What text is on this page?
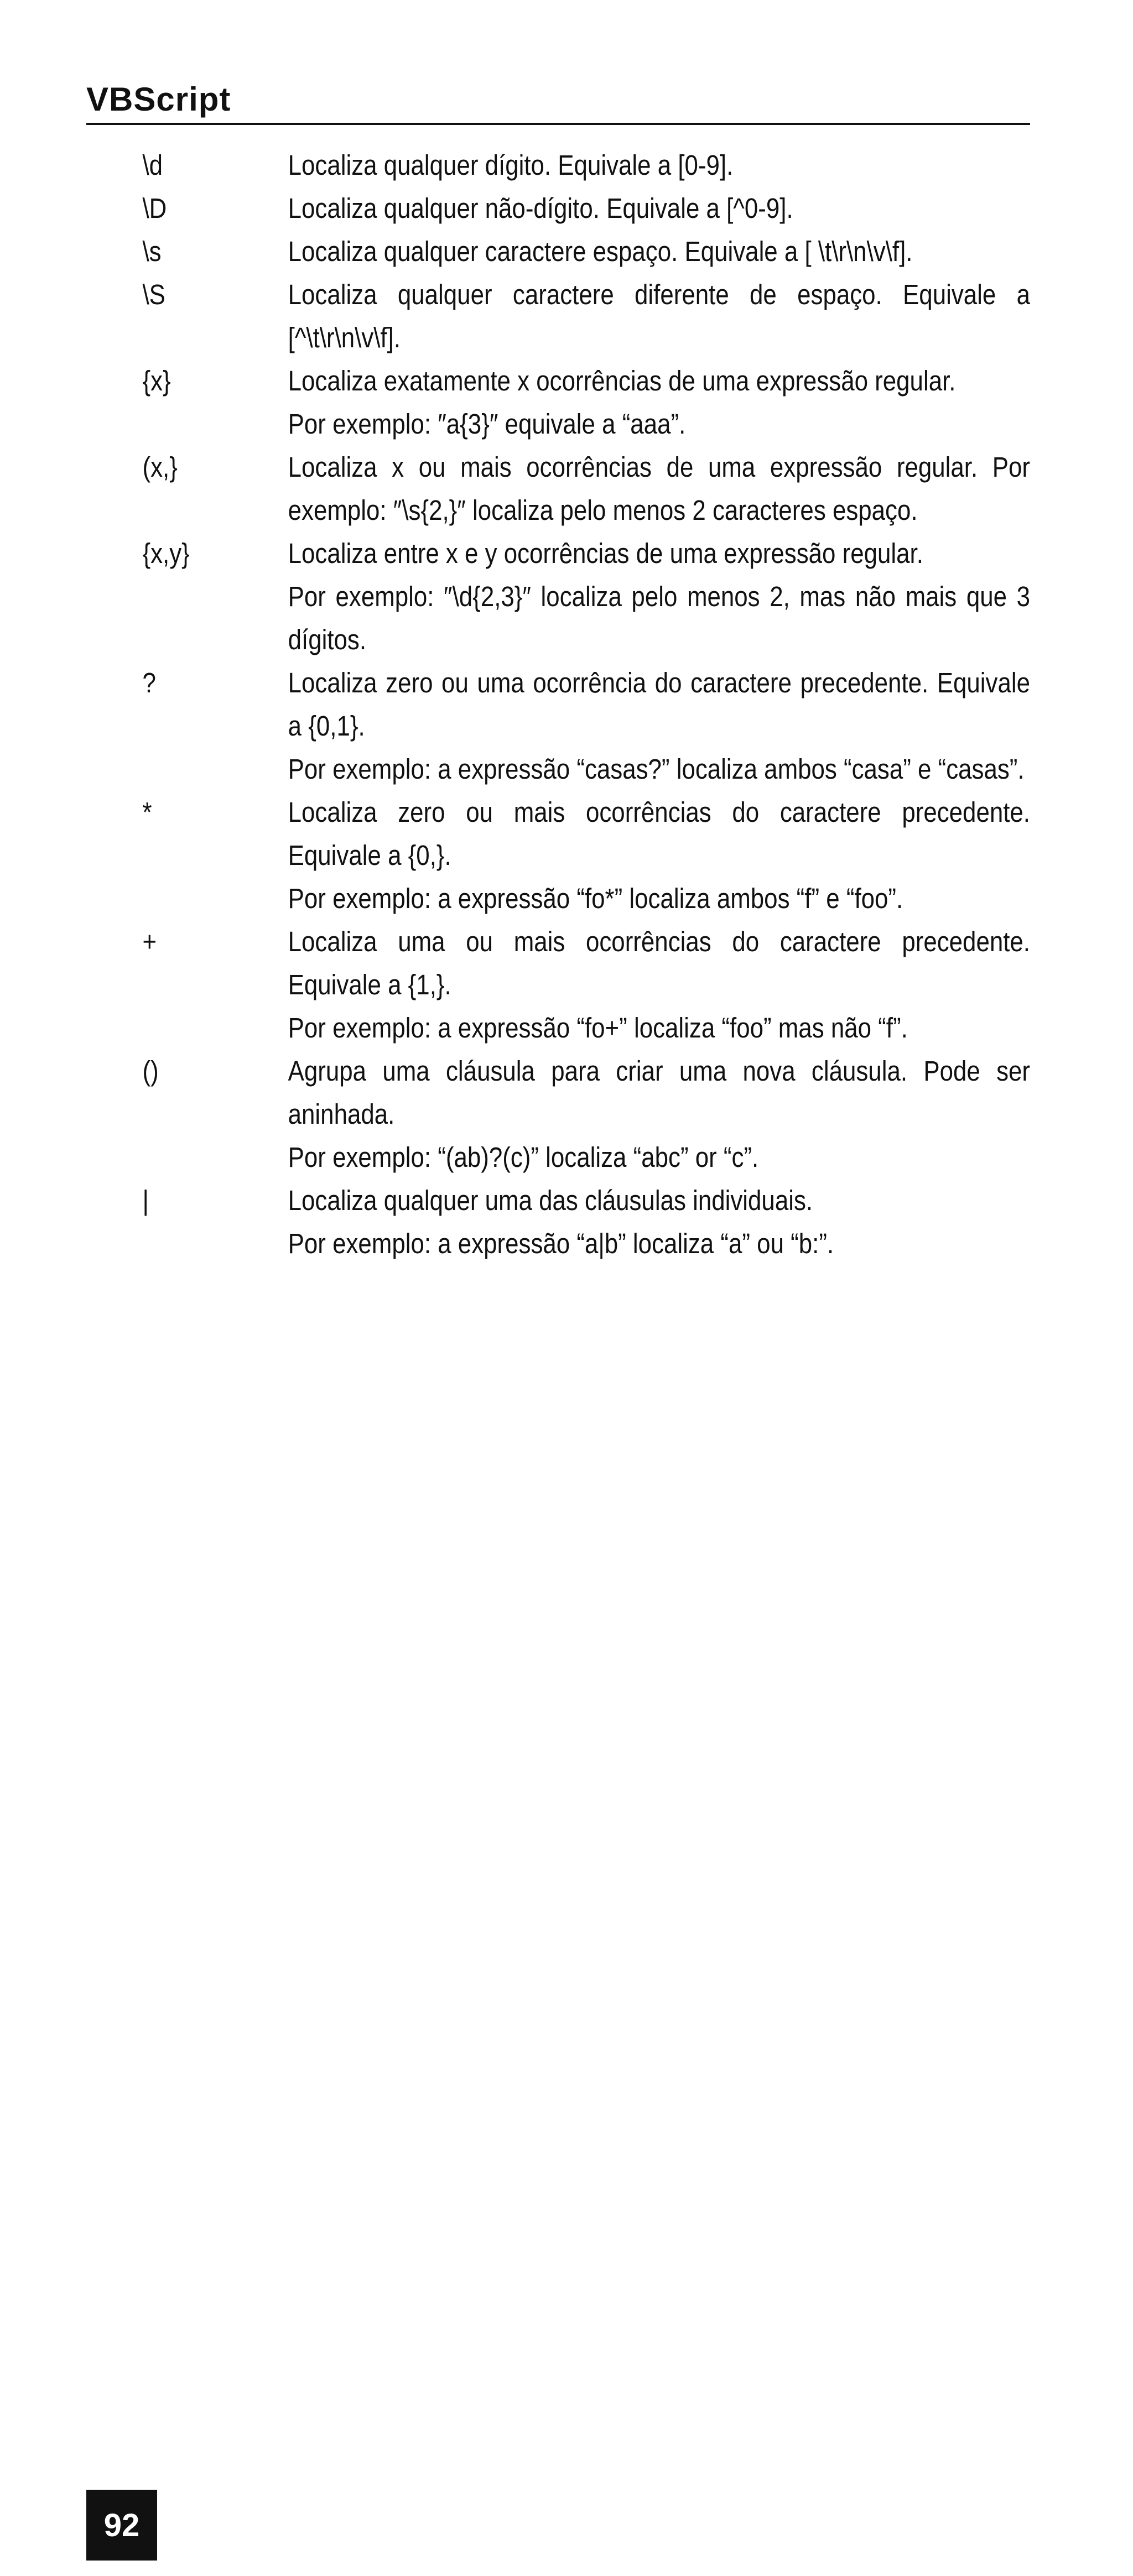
VBScript
\d	Localiza qualquer dígito. Equivale a [0-9].

\D	Localiza qualquer não-dígito. Equivale a [^0-9].

\s	Localiza qualquer caractere espaço. Equivale a [ \t\r\n\v\f].

\S	Localiza qualquer caractere diferente de espaço. Equivale a [^\t\r\n\v\f].

{x}	Localiza exatamente x ocorrências de uma expressão regular.

Por exemplo: ″a{3}″ equivale a “aaa”.

(x,}	Localiza x ou mais ocorrências de uma expressão regular. Por exemplo: ″\s{2,}″ localiza pelo menos 2 caracteres espaço.

{x,y}	Localiza entre x e y ocorrências de uma expressão regular.

Por exemplo: ″\d{2,3}″ localiza pelo menos 2, mas não mais que 3 dígitos.

?	Localiza zero ou uma ocorrência do caractere precedente. Equivale a {0,1}.

Por exemplo: a expressão “casas?” localiza ambos “casa” e “casas”.

*	Localiza zero ou mais ocorrências do caractere precedente. Equivale a {0,}.

Por exemplo: a expressão “fo*” localiza ambos “f” e “foo”.

+	Localiza uma ou mais ocorrências do caractere precedente. Equivale a {1,}.

Por exemplo: a expressão “fo+” localiza “foo” mas não “f”.

()	Agrupa uma cláusula para criar uma nova cláusula. Pode ser aninhada.

Por exemplo: “(ab)?(c)” localiza “abc” or “c”.

|	Localiza qualquer uma das cláusulas individuais.

Por exemplo: a expressão “a|b” localiza “a” ou “b:”.

92
